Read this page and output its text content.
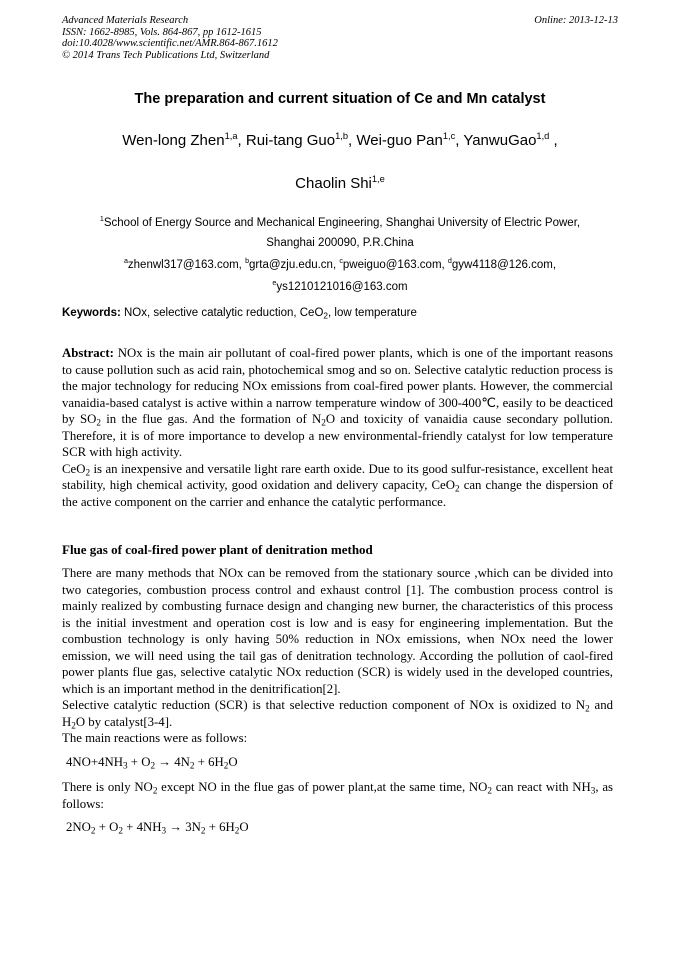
Advanced Materials Research
ISSN: 1662-8985, Vols. 864-867, pp 1612-1615
doi:10.4028/www.scientific.net/AMR.864-867.1612
© 2014 Trans Tech Publications Ltd, Switzerland
Online: 2013-12-13
The preparation and current situation of Ce and Mn catalyst
Wen-long Zhen$^{1,a}$, Rui-tang Guo$^{1,b}$, Wei-guo Pan$^{1,c}$, YanwuGao$^{1,d}$ ,
Chaolin Shi$^{1,e}$
$^1$School of Energy Source and Mechanical Engineering, Shanghai University of Electric Power,
Shanghai 200090, P.R.China
$^a$zhenwl317@163.com, $^b$grta@zju.edu.cn, $^c$pweiguo@163.com, $^d$gyw4118@126.com,
$^e$ys1210121016@163.com
Keywords: NOx, selective catalytic reduction, CeO$_2$, low temperature

Abstract: NOx is the main air pollutant of coal-fired power plants, which is one of the important reasons to cause pollution such as acid rain, photochemical smog and so on. Selective catalytic reduction process is the major technology for reducing NOx emissions from coal-fired power plants. However, the commercial vanaidia-based catalyst is active within a narrow temperature window of 300-400℃, easily to be deacticed by $SO_2$ in the flue gas. And the formation of $N_2O$ and toxicity of vanaidia cause secondary pollution. Therefore, it is of more importance to develop a new environmental-friendly catalyst for low temperature SCR with high activity.

CeO$_2$ is an inexpensive and versatile light rare earth oxide. Due to its good sulfur-resistance, excellent heat stability, high chemical activity, good oxidation and delivery capacity, CeO$_2$ can change the dispersion of the active component on the carrier and enhance the catalytic performance.

Flue gas of coal-fired power plant of denitration method

There are many methods that NOx can be removed from the stationary source ,which can be divided into two categories, combustion process control and exhaust control [1]. The combustion process control is mainly realized by combusting furnace design and changing new burner, the characteristics of this process is the initial investment and operation cost is low and is easy for engineering implementation. But the combustion technology is only having 50% reduction in NOx emissions, when NOx need the lower emission, we will need using the tail gas of denitration technology. According the pollution of caol-fired power plants flue gas, selective catalytic NOx reduction (SCR) is widely used in the developed countries, which is an important method in the denitrification[2].

Selective catalytic reduction (SCR) is that selective reduction component of NOx is oxidized to $N_2$ and $H_2O$ by catalyst[3-4].

The main reactions were as follows:

$4NO+4NH_3 + O_2 \to 4N_2 + 6H_2O$

There is only $NO_2$ except NO in the flue gas of power plant,at the same time, $NO_2$ can react with $NH_3$, as follows:

$2NO_2 + O_2 + 4NH_3 \to 3N_2 + 6H_2O$
